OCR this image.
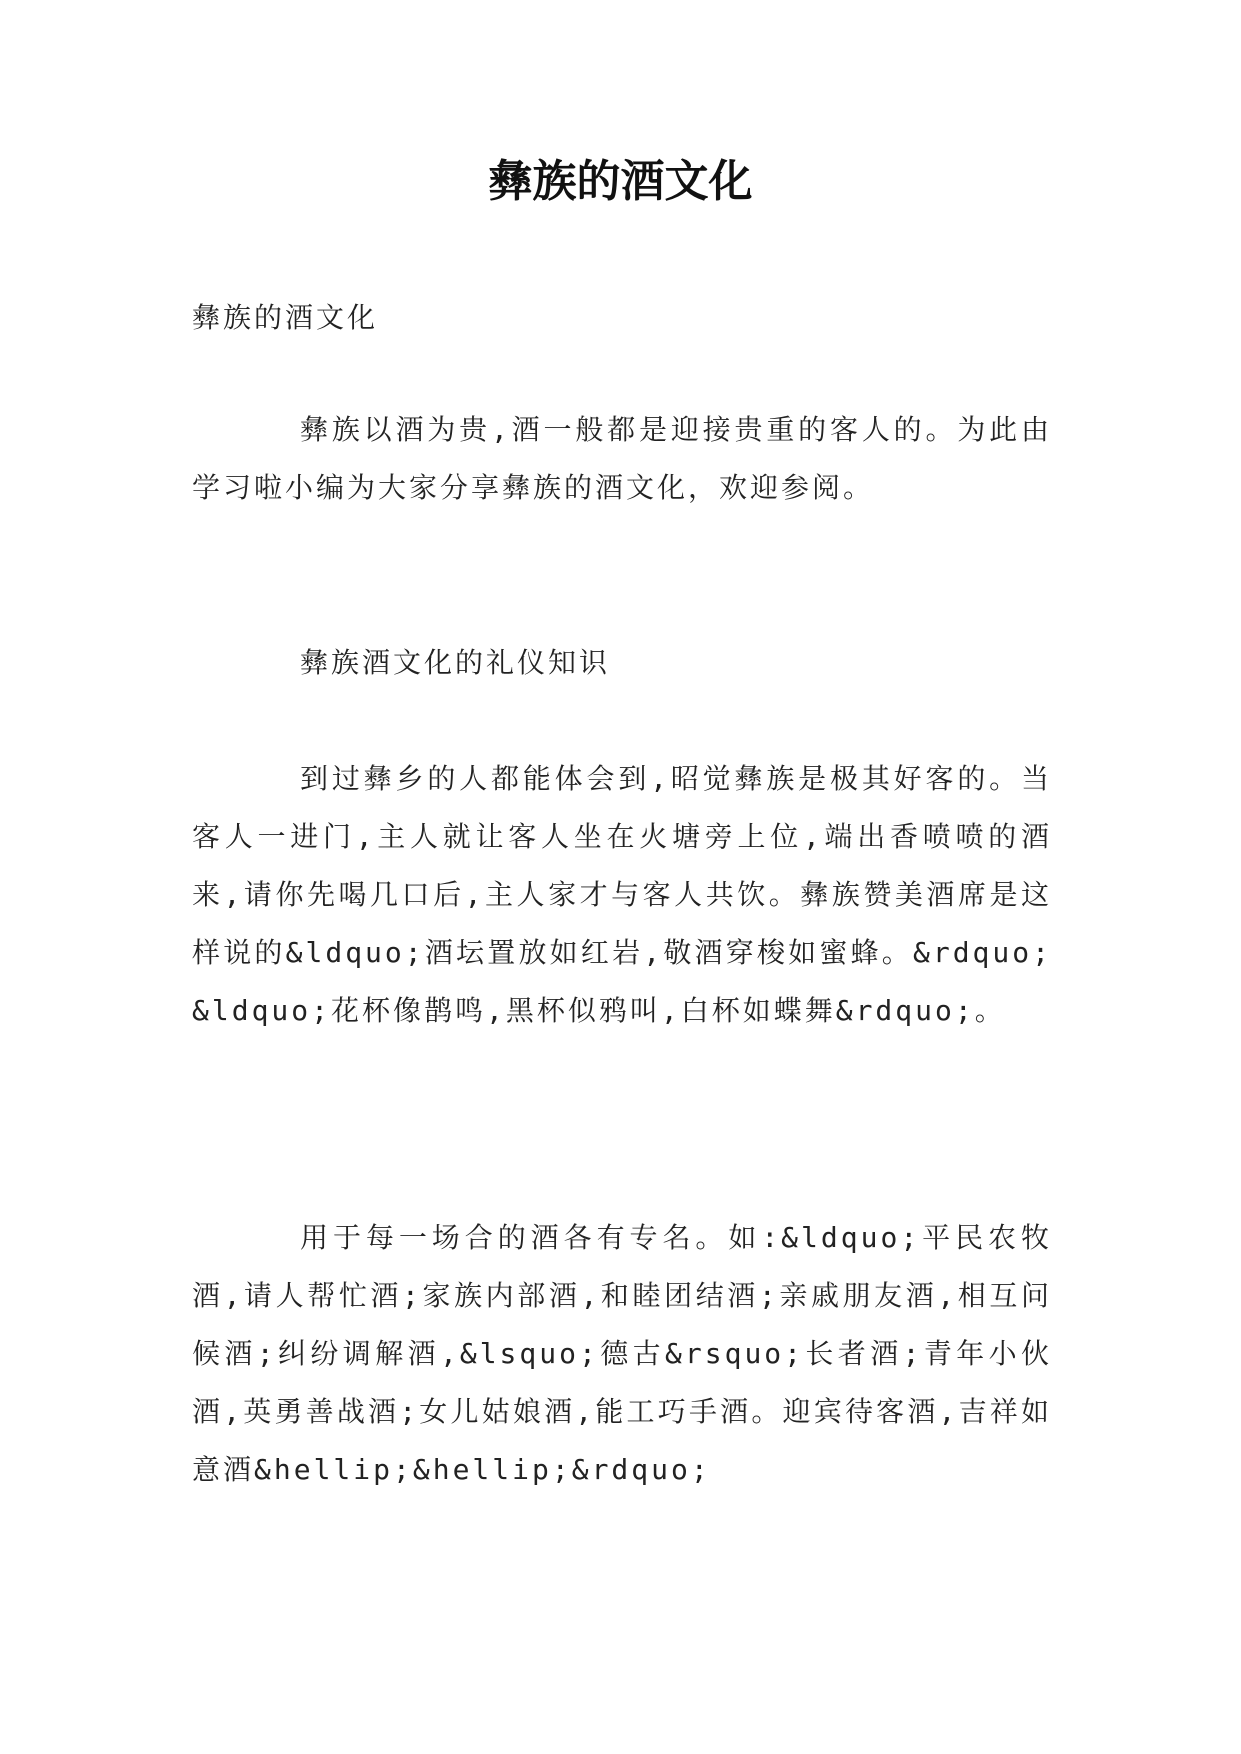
彝族的酒文化

彝族的酒文化

彝族以酒为贵,酒一般都是迎接贵重的客人的。为此由学习啦小编为大家分享彝族的酒文化，欢迎参阅。

彝族酒文化的礼仪知识

到过彝乡的人都能体会到,昭觉彝族是极其好客的。当客人一进门,主人就让客人坐在火塘旁上位,端出香喷喷的酒来,请你先喝几口后,主人家才与客人共饮。彝族赞美酒席是这样说的&ldquo;酒坛置放如红岩,敬酒穿梭如蜜蜂。&rdquo;&ldquo;花杯像鹊鸣,黑杯似鸦叫,白杯如蝶舞&rdquo;。

用于每一场合的酒各有专名。如:&ldquo;平民农牧酒,请人帮忙酒;家族内部酒,和睦团结酒;亲戚朋友酒,相互问候酒;纠纷调解酒,&lsquo;德古&rsquo;长者酒;青年小伙酒,英勇善战酒;女儿姑娘酒,能工巧手酒。迎宾待客酒,吉祥如意酒&hellip;&hellip;&rdquo;
